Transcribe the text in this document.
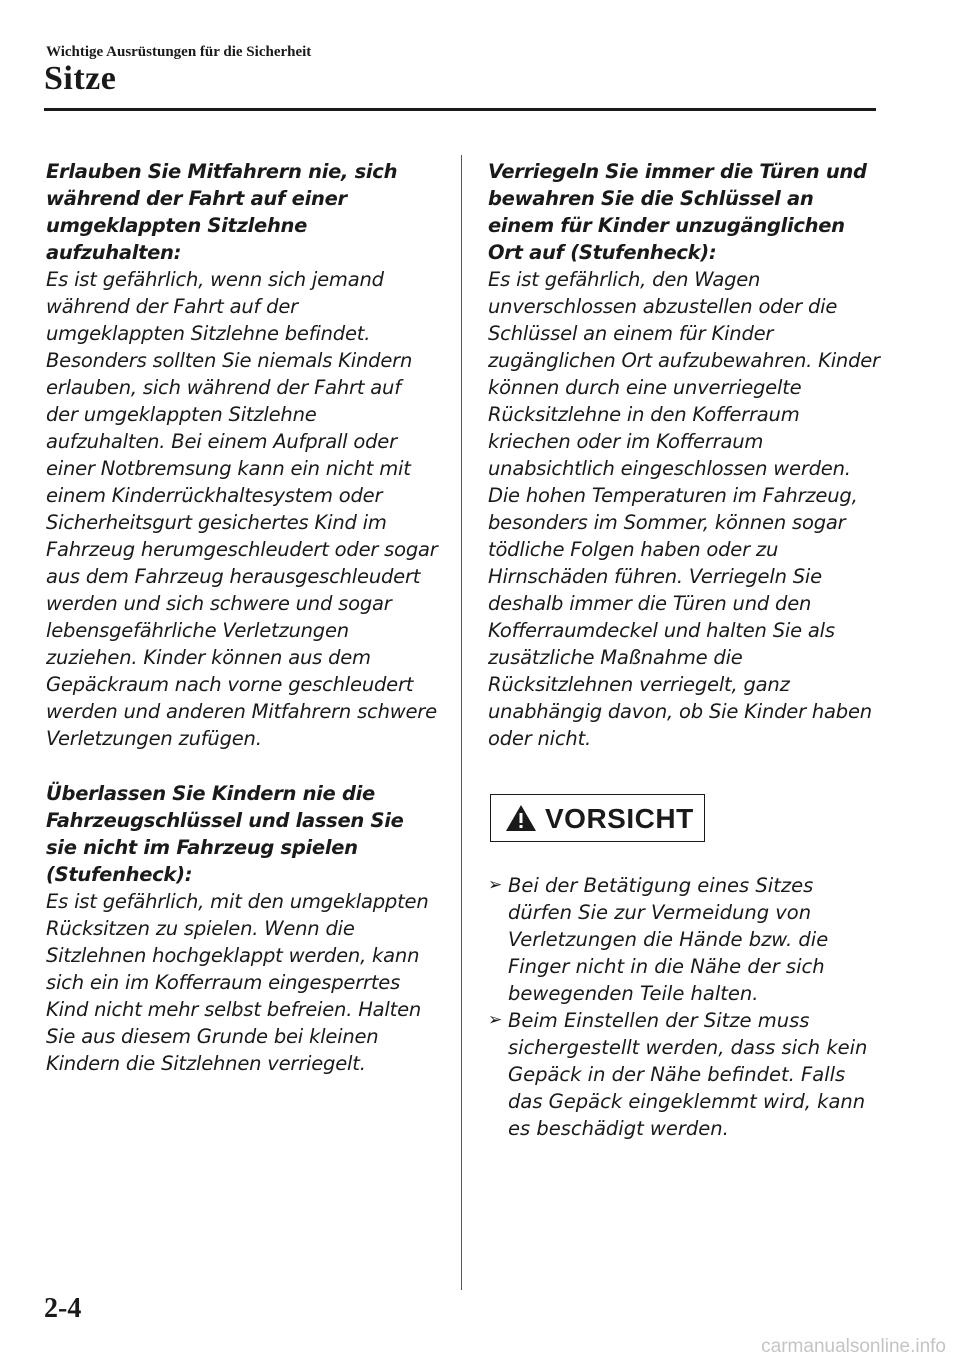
Wichtige Ausrüstungen für die Sicherheit
Sitze

Erlauben Sie Mitfahrern nie, sich während der Fahrt auf einer umgeklappten Sitzlehne aufzuhalten:

Es ist gefährlich, wenn sich jemand während der Fahrt auf der umgeklappten Sitzlehne befindet. Besonders sollten Sie niemals Kindern erlauben, sich während der Fahrt auf der umgeklappten Sitzlehne aufzuhalten. Bei einem Aufprall oder einer Notbremsung kann ein nicht mit einem Kinderrückhaltesystem oder Sicherheitsgurt gesichertes Kind im Fahrzeug herumgeschleudert oder sogar aus dem Fahrzeug herausgeschleudert werden und sich schwere und sogar lebensgefährliche Verletzungen zuziehen. Kinder können aus dem Gepäckraum nach vorne geschleudert werden und anderen Mitfahrern schwere Verletzungen zufügen.

Überlassen Sie Kindern nie die Fahrzeugschlüssel und lassen Sie sie nicht im Fahrzeug spielen (Stufenheck):

Es ist gefährlich, mit den umgeklappten Rücksitzen zu spielen. Wenn die Sitzlehnen hochgeklappt werden, kann sich ein im Kofferraum eingesperrtes Kind nicht mehr selbst befreien. Halten Sie aus diesem Grunde bei kleinen Kindern die Sitzlehnen verriegelt.

Verriegeln Sie immer die Türen und bewahren Sie die Schlüssel an einem für Kinder unzugänglichen Ort auf (Stufenheck):

Es ist gefährlich, den Wagen unverschlossen abzustellen oder die Schlüssel an einem für Kinder zugänglichen Ort aufzubewahren. Kinder können durch eine unverriegelte Rücksitzlehne in den Kofferraum kriechen oder im Kofferraum unabsichtlich eingeschlossen werden. Die hohen Temperaturen im Fahrzeug, besonders im Sommer, können sogar tödliche Folgen haben oder zu Hirnschäden führen. Verriegeln Sie deshalb immer die Türen und den Kofferraumdeckel und halten Sie als zusätzliche Maßnahme die Rücksitzlehnen verriegelt, ganz unabhängig davon, ob Sie Kinder haben oder nicht.

VORSICHT
➢ Bei der Betätigung eines Sitzes dürfen Sie zur Vermeidung von Verletzungen die Hände bzw. die Finger nicht in die Nähe der sich bewegenden Teile halten.
➢ Beim Einstellen der Sitze muss sichergestellt werden, dass sich kein Gepäck in der Nähe befindet. Falls das Gepäck eingeklemmt wird, kann es beschädigt werden.
2-4
carmanualsonline.info
